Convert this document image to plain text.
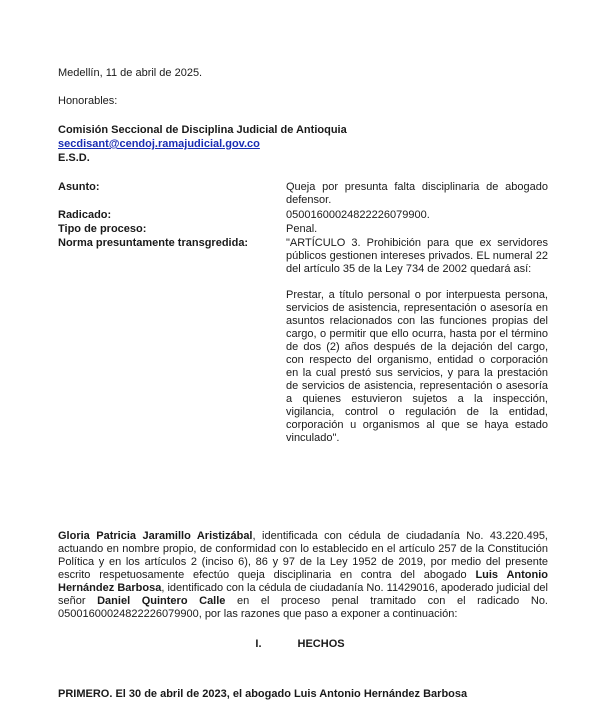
Medellín, 11 de abril de 2025.
Honorables:
Comisión Seccional de Disciplina Judicial de Antioquia
secdisant@cendoj.ramajudicial.gov.co
E.S.D.
Asunto:	Queja por presunta falta disciplinaria de abogado defensor.
Radicado:	05001600024822226079900.
Tipo de proceso:	Penal.
Norma presuntamente transgredida:	"ARTÍCULO 3. Prohibición para que ex servidores públicos gestionen intereses privados. EL numeral 22 del artículo 35 de la Ley 734 de 2002 quedará así:

Prestar, a título personal o por interpuesta persona, servicios de asistencia, representación o asesoría en asuntos relacionados con las funciones propias del cargo, o permitir que ello ocurra, hasta por el término de dos (2) años después de la dejación del cargo, con respecto del organismo, entidad o corporación en la cual prestó sus servicios, y para la prestación de servicios de asistencia, representación o asesoría a quienes estuvieron sujetos a la inspección, vigilancia, control o regulación de la entidad, corporación u organismos al que se haya estado vinculado".

Gloria Patricia Jaramillo Aristizábal, identificada con cédula de ciudadanía No. 43.220.495, actuando en nombre propio, de conformidad con lo establecido en el artículo 257 de la Constitución Política y en los artículos 2 (inciso 6), 86 y 97 de la Ley 1952 de 2019, por medio del presente escrito respetuosamente efectúo queja disciplinaria en contra del abogado Luis Antonio Hernández Barbosa, identificado con la cédula de ciudadanía No. 11429016, apoderado judicial del señor Daniel Quintero Calle en el proceso penal tramitado con el radicado No. 05001600024822226079900, por las razones que paso a exponer a continuación:

I.	HECHOS
PRIMERO. El 30 de abril de 2023, el abogado Luis Antonio Hernández Barbosa
